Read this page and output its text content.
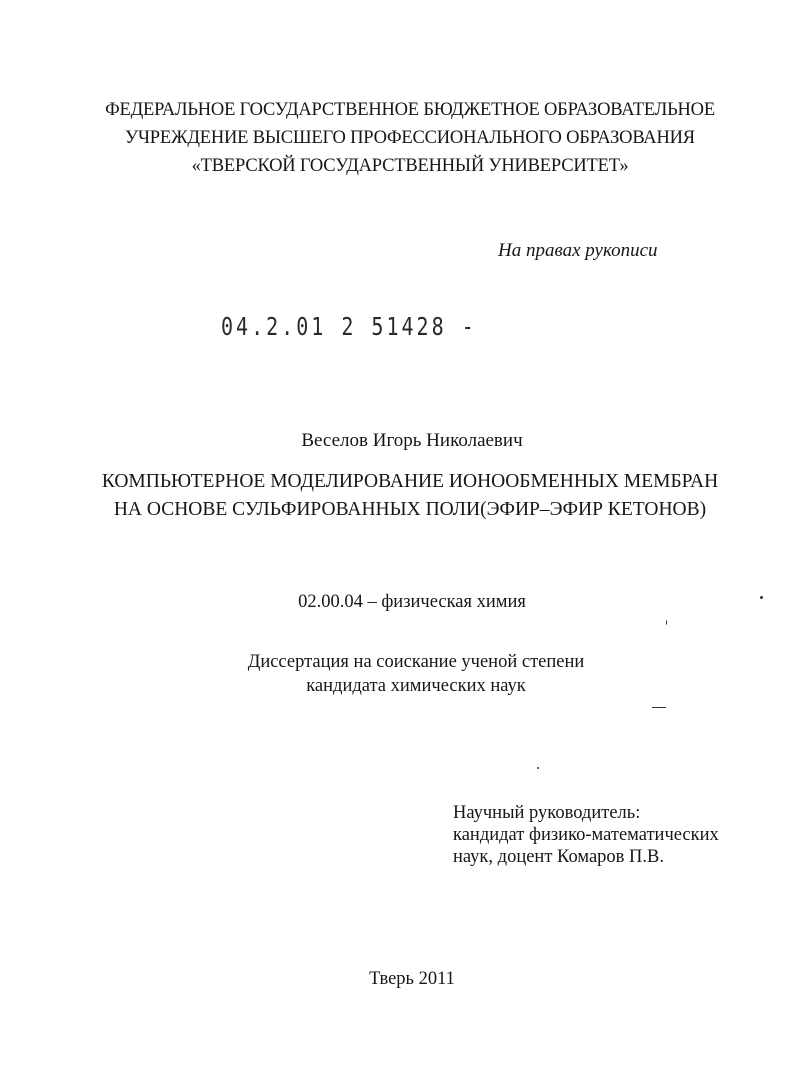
ФЕДЕРАЛЬНОЕ ГОСУДАРСТВЕННОЕ БЮДЖЕТНОЕ ОБРАЗОВАТЕЛЬНОЕ
УЧРЕЖДЕНИЕ ВЫСШЕГО ПРОФЕССИОНАЛЬНОГО ОБРАЗОВАНИЯ
«ТВЕРСКОЙ ГОСУДАРСТВЕННЫЙ УНИВЕРСИТЕТ»
На правах рукописи
04.2.01 2 51428 -
Веселов Игорь Николаевич
КОМПЬЮТЕРНОЕ МОДЕЛИРОВАНИЕ ИОНООБМЕННЫХ МЕМБРАН
НА ОСНОВЕ СУЛЬФИРОВАННЫХ ПОЛИ(ЭФИР–ЭФИР КЕТОНОВ)
02.00.04 – физическая химия
Диссертация на соискание ученой степени
кандидата химических наук
Научный руководитель:
кандидат физико-математических
наук, доцент Комаров П.В.
Тверь 2011
